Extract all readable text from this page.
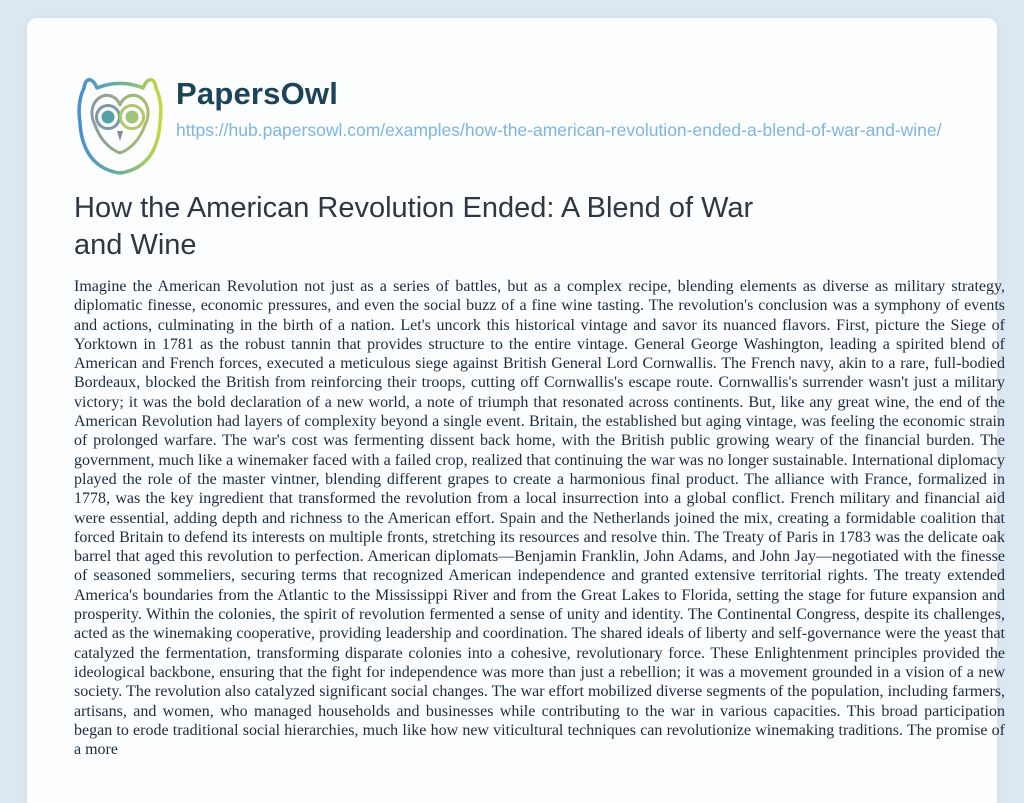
PapersOwl
https://hub.papersowl.com/examples/how-the-american-revolution-ended-a-blend-of-war-and-wine/
How the American Revolution Ended: A Blend of War and Wine
Imagine the American Revolution not just as a series of battles, but as a complex recipe, blending elements as diverse as military strategy, diplomatic finesse, economic pressures, and even the social buzz of a fine wine tasting. The revolution's conclusion was a symphony of events and actions, culminating in the birth of a nation. Let's uncork this historical vintage and savor its nuanced flavors. First, picture the Siege of Yorktown in 1781 as the robust tannin that provides structure to the entire vintage. General George Washington, leading a spirited blend of American and French forces, executed a meticulous siege against British General Lord Cornwallis. The French navy, akin to a rare, full-bodied Bordeaux, blocked the British from reinforcing their troops, cutting off Cornwallis's escape route. Cornwallis's surrender wasn't just a military victory; it was the bold declaration of a new world, a note of triumph that resonated across continents. But, like any great wine, the end of the American Revolution had layers of complexity beyond a single event. Britain, the established but aging vintage, was feeling the economic strain of prolonged warfare. The war's cost was fermenting dissent back home, with the British public growing weary of the financial burden. The government, much like a winemaker faced with a failed crop, realized that continuing the war was no longer sustainable. International diplomacy played the role of the master vintner, blending different grapes to create a harmonious final product. The alliance with France, formalized in 1778, was the key ingredient that transformed the revolution from a local insurrection into a global conflict. French military and financial aid were essential, adding depth and richness to the American effort. Spain and the Netherlands joined the mix, creating a formidable coalition that forced Britain to defend its interests on multiple fronts, stretching its resources and resolve thin. The Treaty of Paris in 1783 was the delicate oak barrel that aged this revolution to perfection. American diplomats—Benjamin Franklin, John Adams, and John Jay—negotiated with the finesse of seasoned sommeliers, securing terms that recognized American independence and granted extensive territorial rights. The treaty extended America's boundaries from the Atlantic to the Mississippi River and from the Great Lakes to Florida, setting the stage for future expansion and prosperity. Within the colonies, the spirit of revolution fermented a sense of unity and identity. The Continental Congress, despite its challenges, acted as the winemaking cooperative, providing leadership and coordination. The shared ideals of liberty and self-governance were the yeast that catalyzed the fermentation, transforming disparate colonies into a cohesive, revolutionary force. These Enlightenment principles provided the ideological backbone, ensuring that the fight for independence was more than just a rebellion; it was a movement grounded in a vision of a new society. The revolution also catalyzed significant social changes. The war effort mobilized diverse segments of the population, including farmers, artisans, and women, who managed households and businesses while contributing to the war in various capacities. This broad participation began to erode traditional social hierarchies, much like how new viticultural techniques can revolutionize winemaking traditions. The promise of a more
